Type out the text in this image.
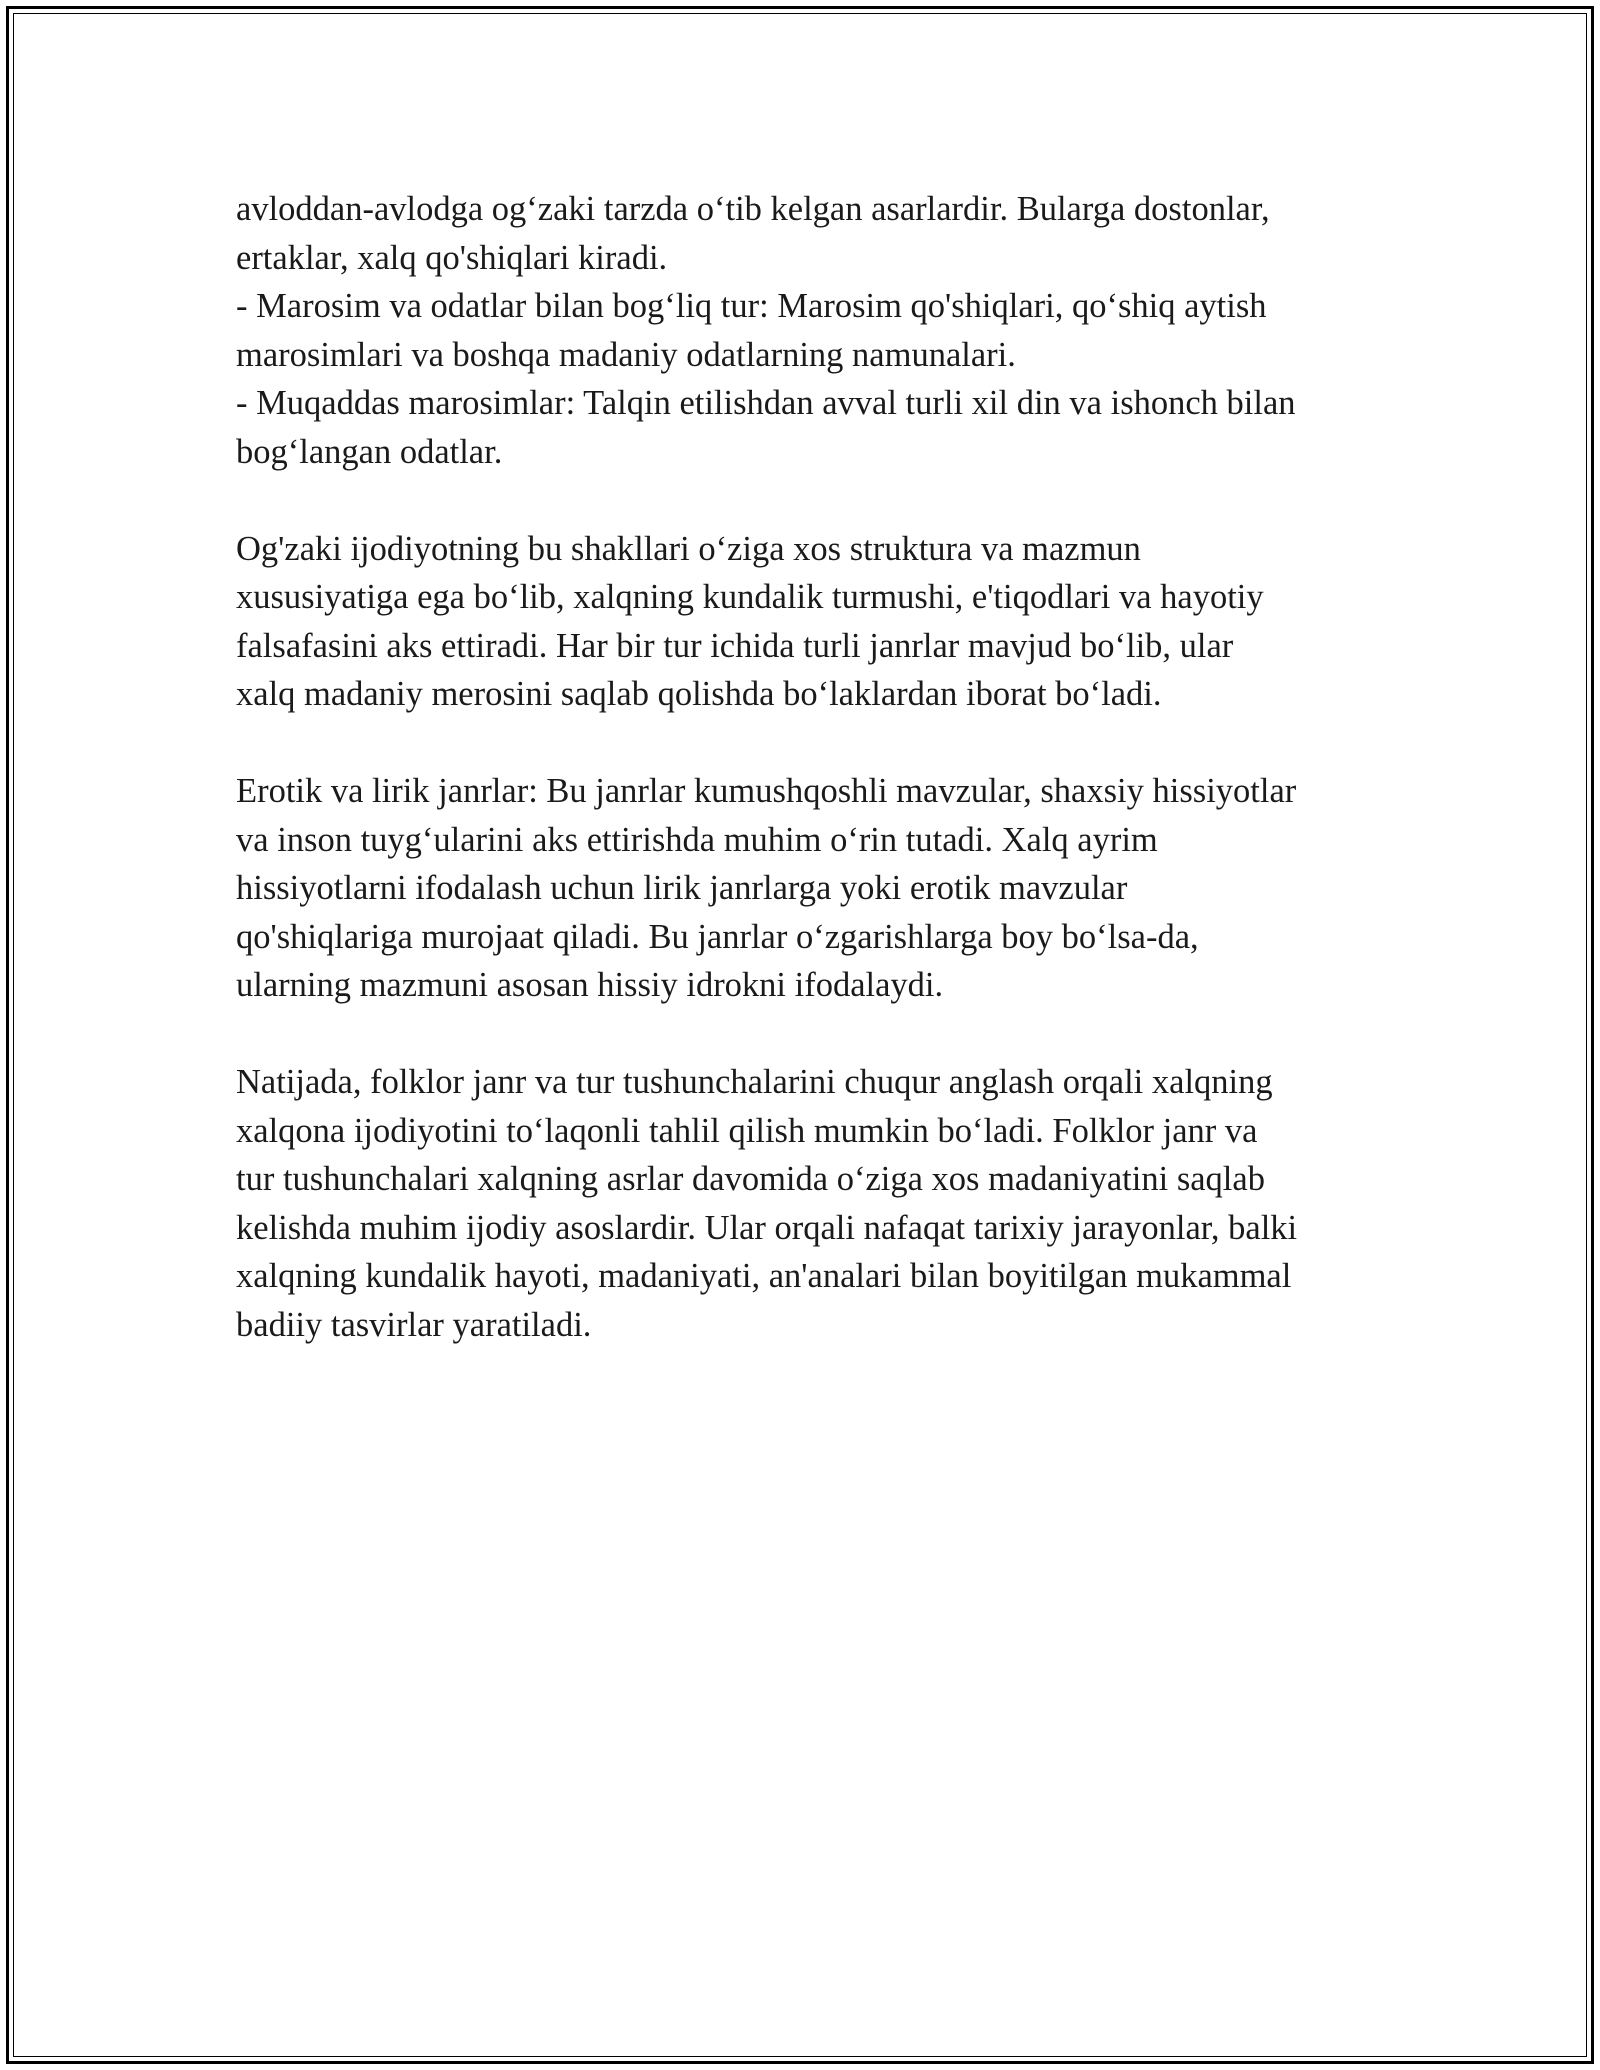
avloddan-avlodga og‘zaki tarzda o‘tib kelgan asarlardir. Bularga dostonlar,
ertaklar, xalq qo'shiqlari kiradi.
- Marosim va odatlar bilan bog‘liq tur: Marosim qo'shiqlari, qo‘shiq aytish
marosimlari va boshqa madaniy odatlarning namunalari.
- Muqaddas marosimlar: Talqin etilishdan avval turli xil din va ishonch bilan
bog‘langan odatlar.
Og'zaki ijodiyotning bu shakllari o‘ziga xos struktura va mazmun
xususiyatiga ega bo‘lib, xalqning kundalik turmushi, e'tiqodlari va hayotiy
falsafasini aks ettiradi. Har bir tur ichida turli janrlar mavjud bo‘lib, ular
xalq madaniy merosini saqlab qolishda bo‘laklardan iborat bo‘ladi.
Erotik va lirik janrlar: Bu janrlar kumushqoshli mavzular, shaxsiy hissiyotlar
va inson tuyg‘ularini aks ettirishda muhim o‘rin tutadi. Xalq ayrim
hissiyotlarni ifodalash uchun lirik janrlarga yoki erotik mavzular
qo'shiqlariga murojaat qiladi. Bu janrlar o‘zgarishlarga boy bo‘lsa-da,
ularning mazmuni asosan hissiy idrokni ifodalaydi.
Natijada, folklor janr va tur tushunchalarini chuqur anglash orqali xalqning
xalqona ijodiyotini to‘laqonli tahlil qilish mumkin bo‘ladi. Folklor janr va
tur tushunchalari xalqning asrlar davomida o‘ziga xos madaniyatini saqlab
kelishda muhim ijodiy asoslardir. Ular orqali nafaqat tarixiy jarayonlar, balki
xalqning kundalik hayoti, madaniyati, an'analari bilan boyitilgan mukammal
badiiy tasvirlar yaratiladi.
